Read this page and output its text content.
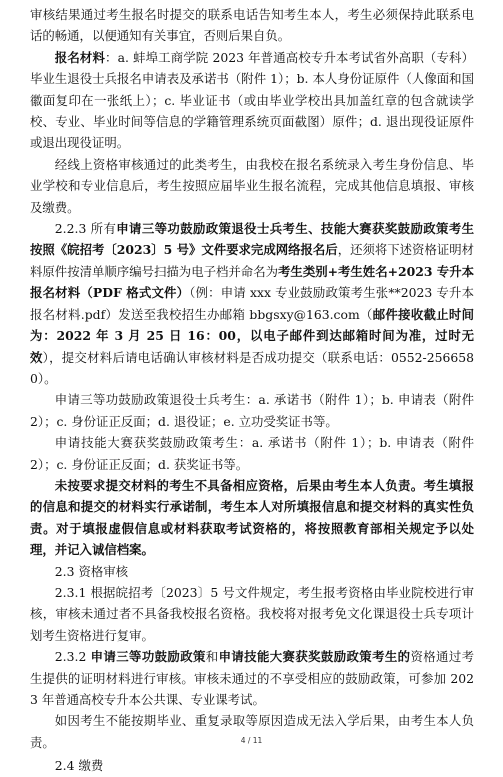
审核结果通过考生报名时提交的联系电话告知考生本人，考生必须保持此联系电话的畅通，以便通知有关事宜，否则后果自负。

报名材料：a. 蚌埠工商学院 2023 年普通高校专升本考试省外高职（专科）毕业生退役士兵报名申请表及承诺书（附件 1）；b. 本人身份证原件（人像面和国徽面复印在一张纸上）；c. 毕业证书（或由毕业学校出具加盖红章的包含就读学校、专业、毕业时间等信息的学籍管理系统页面截图）原件；d. 退出现役证原件或退出现役证明。

经线上资格审核通过的此类考生，由我校在报名系统录入考生身份信息、毕业学校和专业信息后，考生按照应届毕业生报名流程，完成其他信息填报、审核及缴费。

2.2.3 所有申请三等功鼓励政策退役士兵考生、技能大赛获奖鼓励政策考生按照《皖招考〔2023〕5 号》文件要求完成网络报名后，还须将下述资格证明材料原件按清单顺序编号扫描为电子档并命名为考生类别+考生姓名+2023 专升本报名材料（PDF 格式文件）（例：申请 xxx 专业鼓励政策考生张**2023 专升本报名材料.pdf）发送至我校招生办邮箱 bbgsxy@163.com（邮件接收截止时间为：2022 年 3 月 25 日 16：00，以电子邮件到达邮箱时间为准，过时无效），提交材料后请电话确认审核材料是否成功提交（联系电话：0552-2566580）。

申请三等功鼓励政策退役士兵考生：a. 承诺书（附件 1）；b. 申请表（附件 2）；c. 身份证正反面；d. 退役证；e. 立功受奖证书等。

申请技能大赛获奖鼓励政策考生：a. 承诺书（附件 1）；b. 申请表（附件 2）；c. 身份证正反面；d. 获奖证书等。

未按要求提交材料的考生不具备相应资格，后果由考生本人负责。考生填报的信息和提交的材料实行承诺制，考生本人对所填报信息和提交材料的真实性负责。对于填报虚假信息或材料获取考试资格的，将按照教育部相关规定予以处理，并记入诚信档案。

2.3 资格审核

2.3.1 根据皖招考〔2023〕5 号文件规定，考生报考资格由毕业院校进行审核，审核未通过者不具备我校报名资格。我校将对报考免文化课退役士兵专项计划考生资格进行复审。

2.3.2 申请三等功鼓励政策和申请技能大赛获奖鼓励政策考生的资格通过考生提供的证明材料进行审核。审核未通过的不享受相应的鼓励政策，可参加 2023 年普通高校专升本公共课、专业课考试。

如因考生不能按期毕业、重复录取等原因造成无法入学后果，由考生本人负责。

2.4 缴费

4 / 11
